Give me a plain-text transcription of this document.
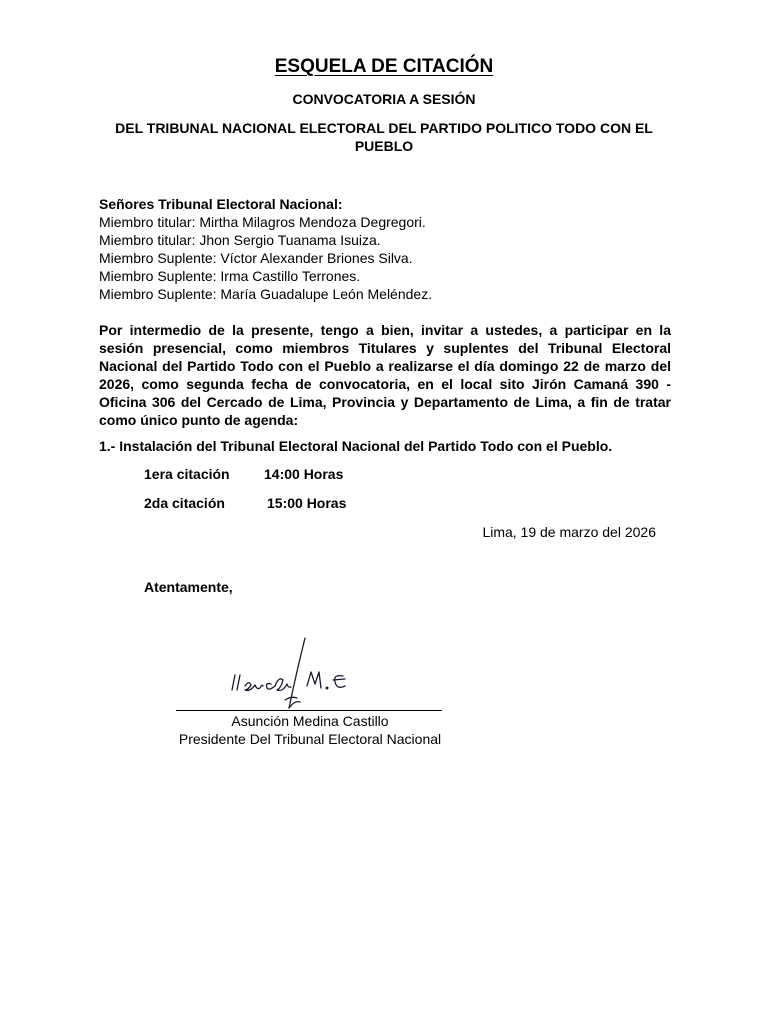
ESQUELA DE CITACIÓN
CONVOCATORIA A SESIÓN
DEL TRIBUNAL NACIONAL ELECTORAL DEL PARTIDO POLITICO TODO CON EL PUEBLO
Señores Tribunal Electoral Nacional:
Miembro titular: Mirtha Milagros Mendoza Degregori.
Miembro titular: Jhon Sergio Tuanama Isuiza.
Miembro Suplente: Víctor Alexander Briones Silva.
Miembro Suplente: Irma Castillo Terrones.
Miembro Suplente: María Guadalupe León Meléndez.
Por intermedio de la presente, tengo a bien, invitar a ustedes, a participar en la sesión presencial, como miembros Titulares y suplentes del Tribunal Electoral Nacional del Partido Todo con el Pueblo a realizarse el día domingo 22 de marzo del 2026, como segunda fecha de convocatoria, en el local sito Jirón Camaná 390 -Oficina 306 del Cercado de Lima, Provincia y Departamento de Lima, a fin de tratar como único punto de agenda:
1.- Instalación del Tribunal Electoral Nacional del Partido Todo con el Pueblo.
1era citación 14:00 Horas
2da citación	15:00 Horas
Lima, 19 de marzo del 2026
Atentamente,
Asunción Medina Castillo
Presidente Del Tribunal Electoral Nacional
